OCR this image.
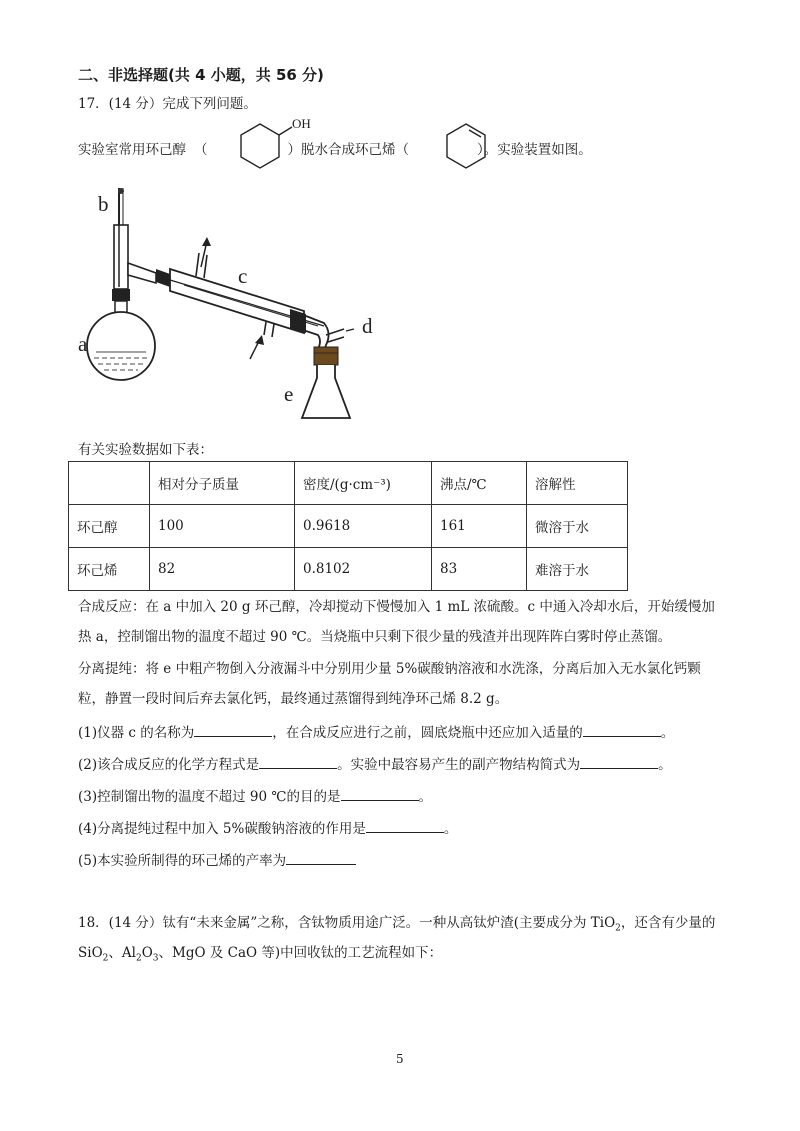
二、非选择题(共 4 小题，共 56 分)
17．(14 分）完成下列问题。
实验室常用环己醇 （	）脱水合成环己烯（	）。实验装置如图。
OH
b
a
c
d
e
有关实验数据如下表：
	相对分子质量	密度/(g·cm⁻³)	沸点/℃	溶解性
环己醇	100	0.9618	161	微溶于水
环己烯	82	0.8102	83	难溶于水
合成反应：在 a 中加入 20 g 环己醇，冷却搅动下慢慢加入 1 mL 浓硫酸。c 中通入冷却水后，开始缓慢加
热 a，控制馏出物的温度不超过 90 ℃。当烧瓶中只剩下很少量的残渣并出现阵阵白雾时停止蒸馏。
分离提纯：将 e 中粗产物倒入分液漏斗中分别用少量 5%碳酸钠溶液和水洗涤，分离后加入无水氯化钙颗
粒，静置一段时间后弃去氯化钙，最终通过蒸馏得到纯净环己烯 8.2 g。
(1)仪器 c 的名称为	，在合成反应进行之前，圆底烧瓶中还应加入适量的	。
(2)该合成反应的化学方程式是	。实验中最容易产生的副产物结构简式为	。
(3)控制馏出物的温度不超过 90 ℃的目的是	。
(4)分离提纯过程中加入 5%碳酸钠溶液的作用是	。
(5)本实验所制得的环己烯的产率为
18．(14 分）钛有“未来金属”之称，含钛物质用途广泛。一种从高钛炉渣(主要成分为 TiO$_2$，还含有少量的
SiO$_2$、$Al_2O_3$、MgO 及 CaO 等)中回收钛的工艺流程如下：
5
